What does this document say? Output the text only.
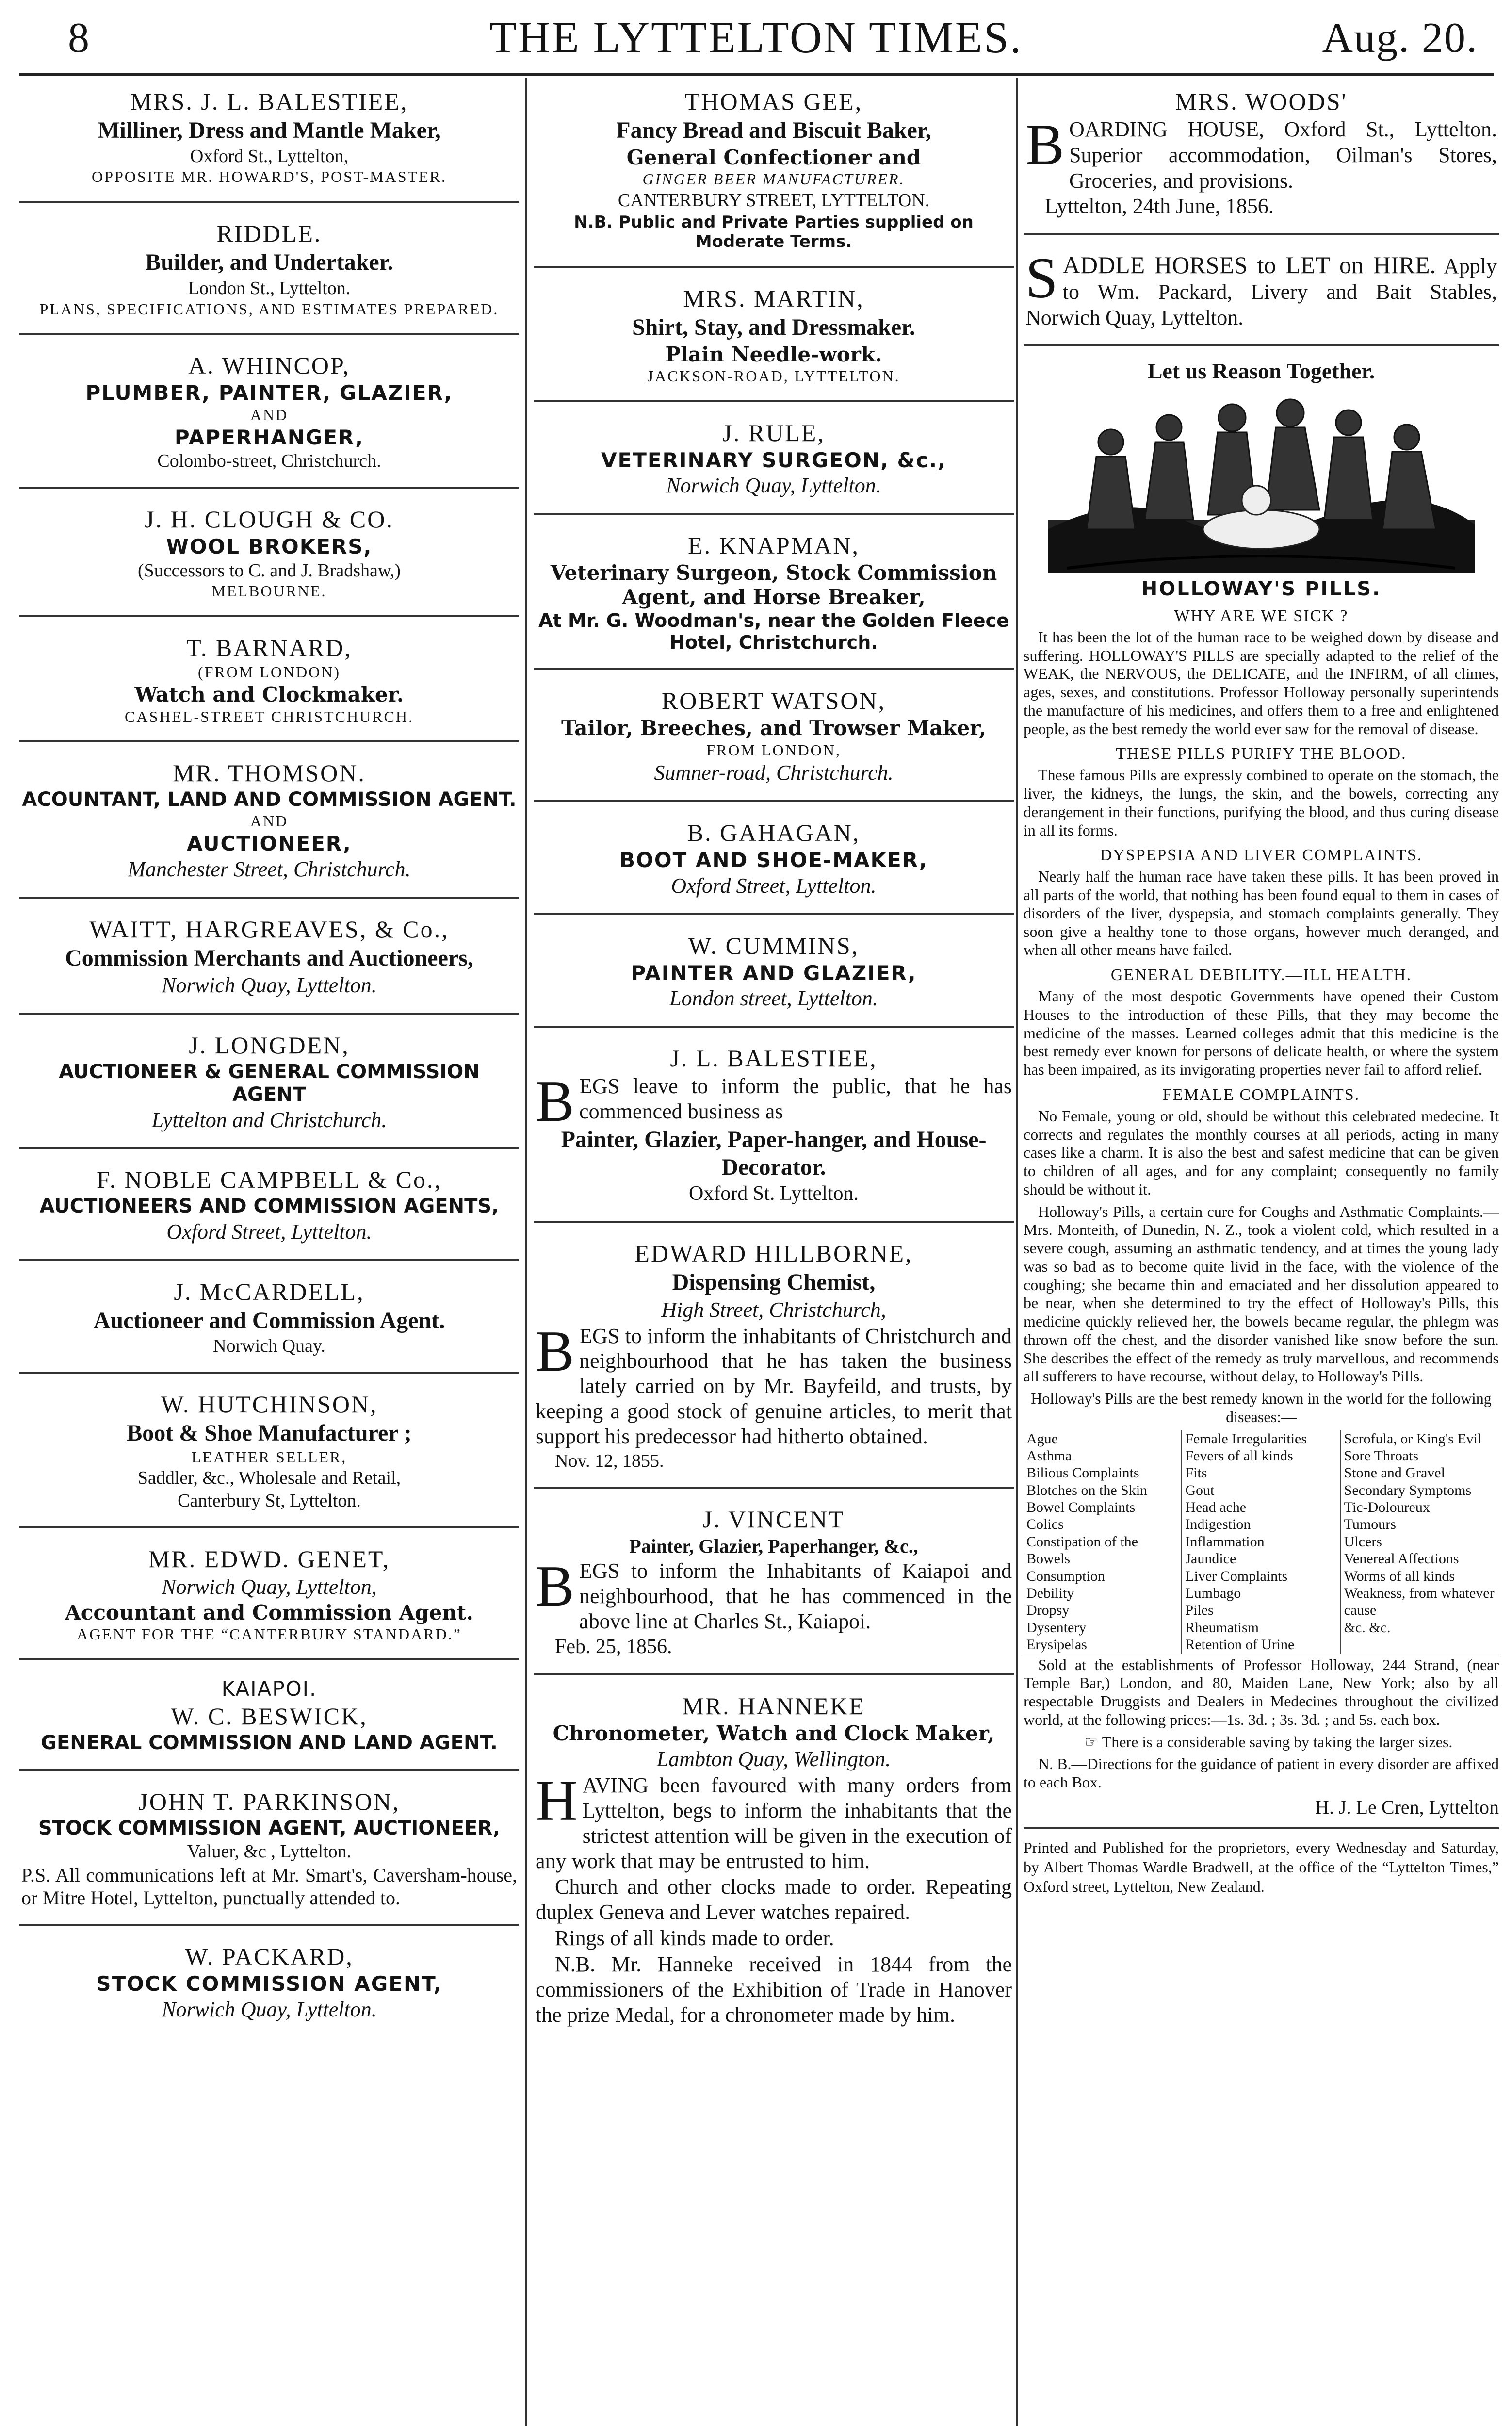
8	THE LYTTELTON TIMES.	Aug. 20.
MRS. J. L. BALESTIEE,
Milliner, Dress and Mantle Maker,
Oxford St., Lyttelton,
OPPOSITE MR. HOWARD'S, POST-MASTER.
RIDDLE.
Builder, and Undertaker.
London St., Lyttelton.
PLANS, SPECIFICATIONS, AND ESTIMATES PREPARED.
A. WHINCOP,
PLUMBER, PAINTER, GLAZIER,
AND
PAPERHANGER,
Colombo-street, Christchurch.
J. H. CLOUGH & CO.
WOOL BROKERS,
(Successors to C. and J. Bradshaw,)
MELBOURNE.
T. BARNARD,
(FROM LONDON)
Watch and Clockmaker.
CASHEL-STREET CHRISTCHURCH.
MR. THOMSON.
ACOUNTANT, LAND AND COMMISSION AGENT.
AND
AUCTIONEER,
Manchester Street, Christchurch.
WAITT, HARGREAVES, & Co.,
Commission Merchants and Auctioneers,
Norwich Quay, Lyttelton.
J. LONGDEN,
AUCTIONEER & GENERAL COMMISSION AGENT
Lyttelton and Christchurch.
F. NOBLE CAMPBELL & Co.,
AUCTIONEERS AND COMMISSION AGENTS,
Oxford Street, Lyttelton.
J. McCARDELL,
Auctioneer and Commission Agent.
Norwich Quay.
W. HUTCHINSON,
Boot & Shoe Manufacturer ;
LEATHER SELLER,
Saddler, &c., Wholesale and Retail,
Canterbury St, Lyttelton.
MR. EDWD. GENET,
Norwich Quay, Lyttelton,
Accountant and Commission Agent.
AGENT FOR THE “CANTERBURY STANDARD.”
KAIAPOI.
W. C. BESWICK,
GENERAL COMMISSION AND LAND AGENT.
JOHN T. PARKINSON,
STOCK COMMISSION AGENT, AUCTIONEER,
Valuer, &c , Lyttelton.
P.S. All communications left at Mr. Smart's, Caversham-house, or Mitre Hotel, Lyttelton, punctually attended to.
W. PACKARD,
STOCK COMMISSION AGENT,
Norwich Quay, Lyttelton.
THOMAS GEE,
Fancy Bread and Biscuit Baker,
General Confectioner and
GINGER BEER MANUFACTURER.
CANTERBURY STREET, LYTTELTON.
N.B. Public and Private Parties supplied on Moderate Terms.
MRS. MARTIN,
Shirt, Stay, and Dressmaker.
Plain Needle-work.
JACKSON-ROAD, LYTTELTON.
J. RULE,
VETERINARY SURGEON, &c.,
Norwich Quay, Lyttelton.
E. KNAPMAN,
Veterinary Surgeon, Stock Commission Agent, and Horse Breaker,
At Mr. G. Woodman's, near the Golden Fleece Hotel, Christchurch.
ROBERT WATSON,
Tailor, Breeches, and Trowser Maker,
FROM LONDON,
Sumner-road, Christchurch.
B. GAHAGAN,
BOOT AND SHOE-MAKER,
Oxford Street, Lyttelton.
W. CUMMINS,
PAINTER AND GLAZIER,
London street, Lyttelton.
J. L. BALESTIEE,
BEGS leave to inform the public, that he has commenced business as
Painter, Glazier, Paper-hanger, and House-Decorator.
Oxford St. Lyttelton.
EDWARD HILLBORNE,
Dispensing Chemist,
High Street, Christchurch,
BEGS to inform the inhabitants of Christchurch and neighbourhood that he has taken the business lately carried on by Mr. Bayfeild, and trusts, by keeping a good stock of genuine articles, to merit that support his predecessor had hitherto obtained.
Nov. 12, 1855.
J. VINCENT
Painter, Glazier, Paperhanger, &c.,
BEGS to inform the Inhabitants of Kaiapoi and neighbourhood, that he has commenced in the above line at Charles St., Kaiapoi.
Feb. 25, 1856.
MR. HANNEKE
Chronometer, Watch and Clock Maker,
Lambton Quay, Wellington.
HAVING been favoured with many orders from Lyttelton, begs to inform the inhabitants that the strictest attention will be given in the execution of any work that may be entrusted to him.
Church and other clocks made to order. Repeating duplex Geneva and Lever watches repaired.
Rings of all kinds made to order.
N.B. Mr. Hanneke received in 1844 from the commissioners of the Exhibition of Trade in Hanover the prize Medal, for a chronometer made by him.
MRS. WOODS'

BOARDING HOUSE, Oxford St., Lyttelton. Superior accommodation, Oilman's Stores, Groceries, and provisions.

Lyttelton, 24th June, 1856.

SADDLE HORSES to LET on HIRE. Apply to Wm. Packard, Livery and Bait Stables, Norwich Quay, Lyttelton.

Let us Reason Together.
HOLLOWAY'S PILLS.
WHY ARE WE SICK ?

It has been the lot of the human race to be weighed down by disease and suffering. HOLLOWAY'S PILLS are specially adapted to the relief of the WEAK, the NERVOUS, the DELICATE, and the INFIRM, of all climes, ages, sexes, and constitutions. Professor Holloway personally superintends the manufacture of his medicines, and offers them to a free and enlightened people, as the best remedy the world ever saw for the removal of disease.

THESE PILLS PURIFY THE BLOOD.

These famous Pills are expressly combined to operate on the stomach, the liver, the kidneys, the lungs, the skin, and the bowels, correcting any derangement in their functions, purifying the blood, and thus curing disease in all its forms.

DYSPEPSIA AND LIVER COMPLAINTS.

Nearly half the human race have taken these pills. It has been proved in all parts of the world, that nothing has been found equal to them in cases of disorders of the liver, dyspepsia, and stomach complaints generally. They soon give a healthy tone to those organs, however much deranged, and when all other means have failed.

GENERAL DEBILITY.—ILL HEALTH.

Many of the most despotic Governments have opened their Custom Houses to the introduction of these Pills, that they may become the medicine of the masses. Learned colleges admit that this medicine is the best remedy ever known for persons of delicate health, or where the system has been impaired, as its invigorating properties never fail to afford relief.

FEMALE COMPLAINTS.

No Female, young or old, should be without this celebrated medecine. It corrects and regulates the monthly courses at all periods, acting in many cases like a charm. It is also the best and safest medicine that can be given to children of all ages, and for any complaint; consequently no family should be without it.

Holloway's Pills, a certain cure for Coughs and Asthmatic Complaints.—Mrs. Monteith, of Dunedin, N. Z., took a violent cold, which resulted in a severe cough, assuming an asthmatic tendency, and at times the young lady was so bad as to become quite livid in the face, with the violence of the coughing; she became thin and emaciated and her dissolution appeared to be near, when she determined to try the effect of Holloway's Pills, this medicine quickly relieved her, the bowels became regular, the phlegm was thrown off the chest, and the disorder vanished like snow before the sun. She describes the effect of the remedy as truly marvellous, and recommends all sufferers to have recourse, without delay, to Holloway's Pills.

Holloway's Pills are the best remedy known in the world for the following diseases:—

Ague
Asthma
Bilious Complaints
Blotches on the Skin
Bowel Complaints
Colics
Constipation of the Bowels
Consumption
Debility
Dropsy
Dysentery
Erysipelas
Female Irregularities
Fevers of all kinds
Fits
Gout
Head ache
Indigestion
Inflammation
Jaundice
Liver Complaints
Lumbago
Piles
Rheumatism
Retention of Urine
Scrofula, or King's Evil
Sore Throats
Stone and Gravel
Secondary Symptoms
Tic-Doloureux
Tumours
Ulcers
Venereal Affections
Worms of all kinds
Weakness, from whatever cause
&c. &c.

Sold at the establishments of Professor Holloway, 244 Strand, (near Temple Bar,) London, and 80, Maiden Lane, New York; also by all respectable Druggists and Dealers in Medecines throughout the civilized world, at the following prices:—1s. 3d. ; 3s. 3d. ; and 5s. each box.

☞ There is a considerable saving by taking the larger sizes.

N. B.—Directions for the guidance of patient in every disorder are affixed to each Box.

H. J. Le Cren, Lyttelton
Printed and Published for the proprietors, every Wednesday and Saturday, by Albert Thomas Wardle Bradwell, at the office of the “Lyttelton Times,” Oxford street, Lyttelton, New Zealand.
